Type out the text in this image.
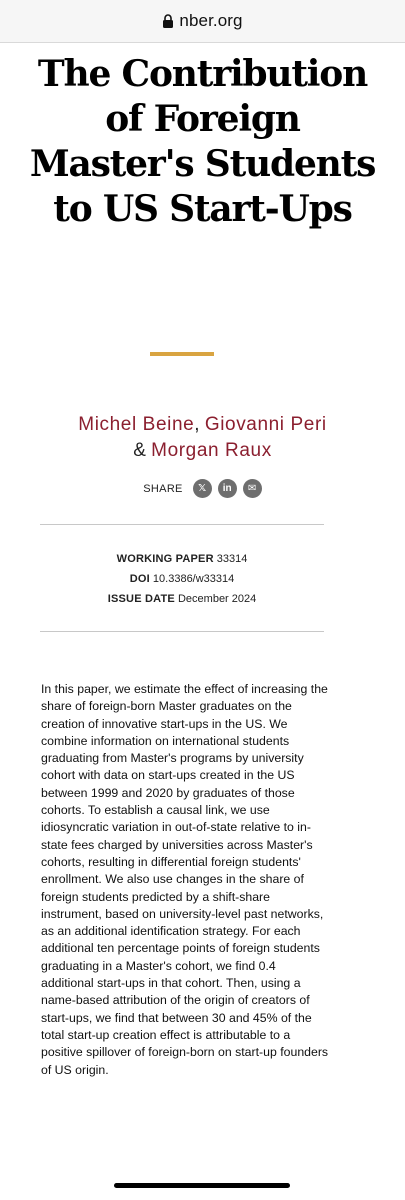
nber.org
The Contribution of Foreign Master's Students to US Start-Ups
Michel Beine, Giovanni Peri
& Morgan Raux
SHARE 𝕏 in ✉
WORKING PAPER 33314
DOI 10.3386/w33314
ISSUE DATE December 2024

In this paper, we estimate the effect of increasing the share of foreign-born Master graduates on the creation of innovative start-ups in the US. We combine information on international students graduating from Master's programs by university cohort with data on start-ups created in the US between 1999 and 2020 by graduates of those cohorts. To establish a causal link, we use idiosyncratic variation in out-of-state relative to in-state fees charged by universities across Master's cohorts, resulting in differential foreign students' enrollment. We also use changes in the share of foreign students predicted by a shift-share instrument, based on university-level past networks, as an additional identification strategy. For each additional ten percentage points of foreign students graduating in a Master's cohort, we find 0.4 additional start-ups in that cohort. Then, using a name-based attribution of the origin of creators of start-ups, we find that between 30 and 45% of the total start-up creation effect is attributable to a positive spillover of foreign-born on start-up founders of US origin.
